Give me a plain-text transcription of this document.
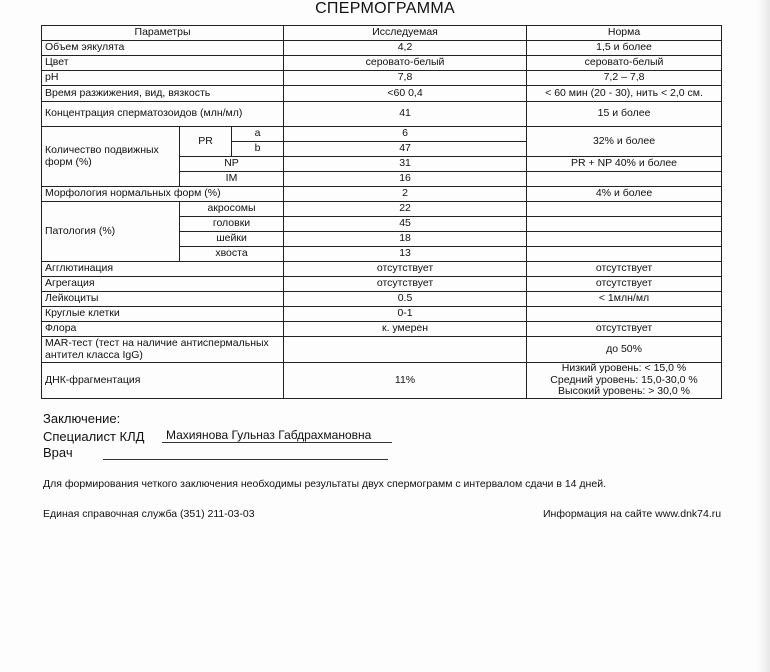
СПЕРМОГРАММА
Параметры			Исследуемая	Норма
Объем эякулята			4,2	1,5 и более
Цвет			серовато-белый	серовато-белый
pH			7,8	7,2 – 7,8
Время разжижения, вид, вязкость			<60 0,4	< 60 мин (20 - 30), нить < 2,0 см.
Концентрация сперматозоидов (млн/мл)			41	15 и более
Количество подвижных форм (%)	PR	a	6	32% и более
		b	47	
	NP		31	PR + NP 40% и более
	IM		16	
Морфология нормальных форм (%)			2	4% и более
Патология (%)	акросомы		22	
	головки		45	
	шейки		18	
	хвоста		13	
Агглютинация			отсутствует	отсутствует
Агрегация			отсутствует	отсутствует
Лейкоциты			0.5	< 1млн/мл
Круглые клетки			0-1	
Флора			к. умерен	отсутствует
MAR-тест (тест на наличие антиспермальных антител класса IgG)				до 50%
ДНК-фрагментация			11%	Низкий уровень: < 15,0 %
Средний уровень: 15,0-30,0 %
Высокий уровень: > 30,0 %
Заключение:
Специалист КЛД	Махиянова Гульназ Габдрахмановна
Врач
Для формирования четкого заключения необходимы результаты двух спермограмм с интервалом сдачи в 14 дней.
Единая справочная служба (351) 211-03-03	Информация на сайте www.dnk74.ru
